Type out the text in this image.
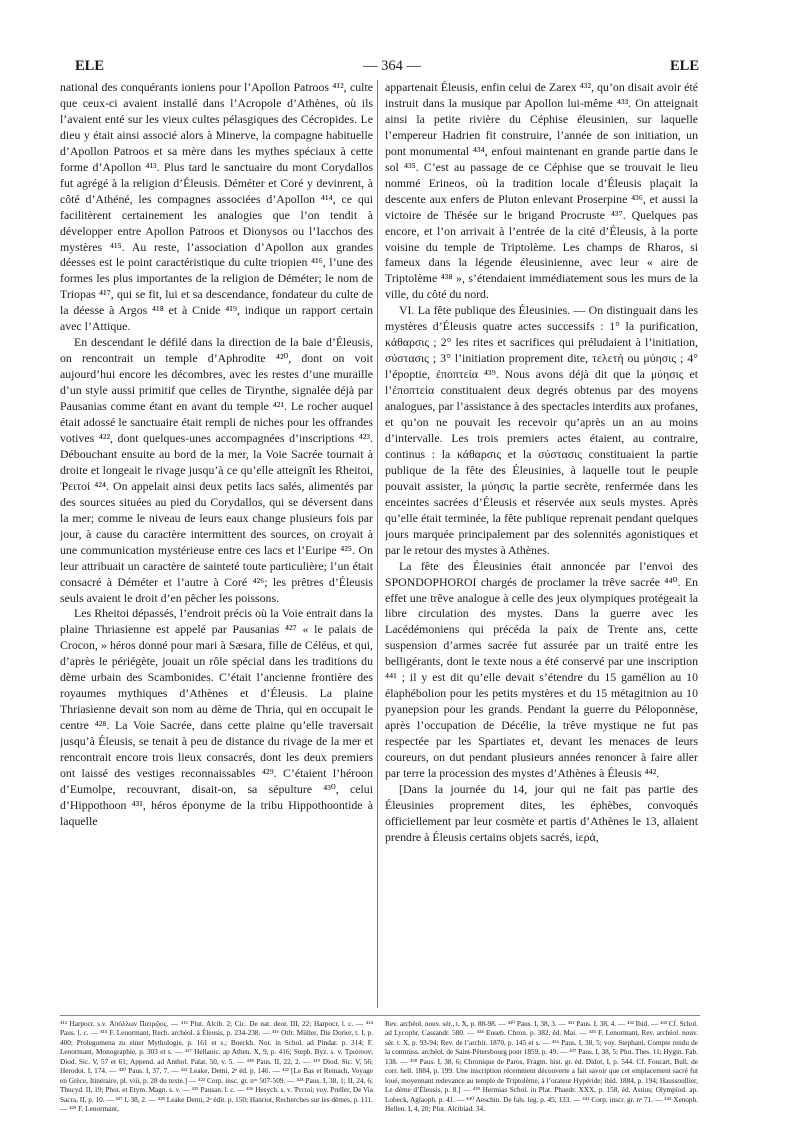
— 364 —
ELE	ELE

national des conquérants ioniens pour l’Apollon Patroos ⁴¹², culte que ceux-ci avaient installé dans l’Acropole d’Athènes, où ils l’avaient enté sur les vieux cultes pélasgiques des Cécropides. Le dieu y était ainsi associé alors à Minerve, la compagne habituelle d’Apollon Patroos et sa mère dans les mythes spéciaux à cette forme d’Apollon ⁴¹³. Plus tard le sanctuaire du mont Corydallos fut agrégé à la religion d’Éleusis. Déméter et Coré y devinrent, à côté d’Athéné, les compagnes associées d’Apollon ⁴¹⁴, ce qui facilitèrent certainement les analogies que l’on tendit à développer entre Apollon Patroos et Dionysos ou l’Iacchos des mystères ⁴¹⁵. Au reste, l’association d’Apollon aux grandes déesses est le point caractéristique du culte triopien ⁴¹⁶, l’une des formes les plus importantes de la religion de Déméter; le nom de Triopas ⁴¹⁷, qui se fit, lui et sa descendance, fondateur du culte de la déesse à Argos ⁴¹⁸ et à Cnide ⁴¹⁹, indique un rapport certain avec l’Attique.

En descendant le défilé dans la direction de la baie d’Éleusis, on rencontrait un temple d’Aphrodite ⁴²⁰, dont on voit aujourd’hui encore les décombres, avec les restes d’une muraille d’un style aussi primitif que celles de Tirynthe, signalée déjà par Pausanias comme étant en avant du temple ⁴²¹. Le rocher auquel était adossé le sanctuaire était rempli de niches pour les offrandes votives ⁴²², dont quelques-unes accompagnées d’inscriptions ⁴²³. Débouchant ensuite au bord de la mer, la Voie Sacrée tournait à droite et longeait le rivage jusqu’à ce qu’elle atteignît les Rheitoi, Ῥειτοί ⁴²⁴. On appelait ainsi deux petits lacs salés, alimentés par des sources situées au pied du Corydallos, qui se déversent dans la mer; comme le niveau de leurs eaux change plusieurs fois par jour, à cause du caractère intermittent des sources, on croyait à une communication mystérieuse entre ces lacs et l’Euripe ⁴²⁵. On leur attribuait un caractère de sainteté toute particulière; l’un était consacré à Déméter et l’autre à Coré ⁴²⁶; les prêtres d’Éleusis seuls avaient le droit d’en pêcher les poissons.

Les Rheitoi dépassés, l’endroit précis où la Voie entrait dans la plaine Thriasienne est appelé par Pausanias ⁴²⁷ « le palais de Crocon, » héros donné pour mari à Sæsara, fille de Céléus, et qui, d’après le périégète, jouait un rôle spécial dans les traditions du dème urbain des Scambonides. C’était l’ancienne frontière des royaumes mythiques d’Athènes et d’Éleusis. La plaine Thriasienne devait son nom au dème de Thria, qui en occupait le centre ⁴²⁸. La Voie Sacrée, dans cette plaine qu’elle traversait jusqu’à Éleusis, se tenait à peu de distance du rivage de la mer et rencontrait encore trois lieux consacrés, dont les deux premiers ont laissé des vestiges reconnaissables ⁴²⁹. C’étaient l’héroon d’Eumolpe, recouvrant, disait-on, sa sépulture ⁴³⁰, celui d’Hippothoon ⁴³¹, héros éponyme de la tribu Hippothoontide à laquelle

appartenait Éleusis, enfin celui de Zarex ⁴³², qu’on disait avoir été instruit dans la musique par Apollon lui-même ⁴³³. On atteignait ainsi la petite rivière du Céphise éleusinien, sur laquelle l’empereur Hadrien fit construire, l’année de son initiation, un pont monumental ⁴³⁴, enfoui maintenant en grande partie dans le sol ⁴³⁵. C’est au passage de ce Céphise que se trouvait le lieu nommé Erineos, où la tradition locale d’Éleusis plaçait la descente aux enfers de Pluton enlevant Proserpine ⁴³⁶, et aussi la victoire de Thésée sur le brigand Procruste ⁴³⁷. Quelques pas encore, et l’on arrivait à l’entrée de la cité d’Éleusis, à la porte voisine du temple de Triptolème. Les champs de Rharos, si fameux dans la légende éleusinienne, avec leur « aire de Triptolème ⁴³⁸ », s’étendaient immédiatement sous les murs de la ville, du côté du nord.

VI. La fête publique des Éleusinies. — On distinguait dans les mystères d’Éleusis quatre actes successifs : 1° la purification, κάθαρσις ; 2° les rites et sacrifices qui préludaient à l’initiation, σύστασις ; 3° l’initiation proprement dite, τελετή ou μύησις ; 4° l’époptie, ἐποπτεία ⁴³⁹. Nous avons déjà dit que la μύησις et l’ἐποπτεία constituaient deux degrés obtenus par des moyens analogues, par l’assistance à des spectacles interdits aux profanes, et qu’on ne pouvait les recevoir qu’après un an au moins d’intervalle. Les trois premiers actes étaient, au contraire, continus : la κάθαρσις et la σύστασις constituaient la partie publique de la fête des Éleusinies, à laquelle tout le peuple pouvait assister, la μύησις la partie secrète, renfermée dans les enceintes sacrées d’Éleusis et réservée aux seuls mystes. Après qu’elle était terminée, la fête publique reprenait pendant quelques jours marquée principalement par des solennités agonistiques et par le retour des mystes à Athènes.

La fête des Éleusinies était annoncée par l’envoi des SPONDOPHOROI chargés de proclamer la trêve sacrée ⁴⁴⁰. En effet une trêve analogue à celle des jeux olympiques protégeait la libre circulation des mystes. Dans la guerre avec les Lacédémoniens qui précéda la paix de Trente ans, cette suspension d’armes sacrée fut assurée par un traité entre les belligérants, dont le texte nous a été conservé par une inscription ⁴⁴¹ ; il y est dit qu’elle devait s’étendre du 15 gamélion au 10 élaphébolion pour les petits mystères et du 15 métagitnion au 10 pyanepsion pour les grands. Pendant la guerre du Péloponnèse, après l’occupation de Décélie, la trêve mystique ne fut pas respectée par les Spartiates et, devant les menaces de leurs coureurs, on dut pendant plusieurs années renoncer à faire aller par terre la procession des mystes d’Athènes à Éleusis ⁴⁴².

[Dans la journée du 14, jour qui ne fait pas partie des Éleusinies proprement dites, les éphèbes, convoqués officiellement par leur cosmète et partis d’Athènes le 13, allaient prendre à Éleusis certains objets sacrés, ἱερά,

⁴¹² Harpocr. s.v. Ἀπόλλων Πατρῷος. — ⁴¹³ Plut. Alcib. 2; Cic. De nat. deor. III, 22; Harpocr. l. c. — ⁴¹⁴ Paus. l. c. — ⁴¹⁵ F. Lenormant, Rech. archéol. à Éleusis, p. 234-238. — ⁴¹⁶ Otfr. Müller, Die Dorier, t. I, p. 400; Prolegomena zu einer Mythologie, p. 161 et s.; Boeckh. Not. in Schol. ad Pindar. p. 314; F. Lenormant, Monographie, p. 303 et s. — ⁴¹⁷ Hellanic. ap Athen. X, 9, p. 416; Steph. Byz. s. v. Τριόπιον; Diod. Sic. V, 57 et 61; Append. ad Anthol. Palat. 50, v. 5. — ⁴¹⁸ Paus. II, 22, 2. — ⁴¹⁹ Diod. Sic. V, 56; Herodot. I, 174. — ⁴²⁰ Paus. I, 37, 7. — ⁴²¹ Leake, Demi, 2ᵉ éd. p. 146. — ⁴²² [Le Bas et Reinach, Voyage en Grèce, Itinéraire, pl. viii, p. 28 du texte.] — ⁴²³ Corp. insc. gr. nᵒˢ 507-509. — ⁴²⁴ Paus. I, 38, 1; II, 24, 6; Thucyd. II, 19; Phot. et Etym. Magn. s. v. — ⁴²⁵ Pausan. l. c. — ⁴²⁶ Hesych. s. v. Ῥειτοί; voy. Preller, De Via Sacra, II, p. 10. — ⁴²⁷ I, 38, 2. — ⁴²⁸ Leake Demi, 2ᵉ édit. p. 150; Hanriot, Recherches sur les dèmes, p. 111. — ⁴²⁹ F. Lenormant,
Rev. archéol. nouv. sér., t. X, p. 88-98. — ⁴³⁰ Paus. I, 38, 3. — ⁴³¹ Paus. I, 38, 4. — ⁴³² Ibid. — ⁴³³ Cf. Schol. ad Lycophr. Cassandr. 580. — ⁴³⁴ Euseb. Chron. p. 382, éd. Mai. — ⁴³⁵ F. Lenormant, Rev. archéol. nouv. sér. t. X, p. 93-94; Rev. de l’archit. 1870, p. 145 et s. — ⁴³⁶ Paus. I, 38, 5; voy. Stephani, Compte rendu de la commiss. archéol. de Saint-Pétersbourg pour 1859, p. 49. — ⁴³⁷ Paus. I, 38, 5; Plut. Thes. 11; Hygin. Fab. 138. — ⁴³⁸ Paus. I, 38, 6; Chronique de Paros, Fragm. hist. gr. éd. Didot, I, p. 544. Cf. Foucart, Bull. de corr. hell. 1884, p. 199. Une inscription récemment découverte a fait savoir que cet emplacement sacré fut loué, moyennant redevance au temple de Triptolème, à l’orateur Hypéride; ibid. 1884, p. 194; Haussoullier, Le dème d’Éleusis, p. 8.] — ⁴³⁹ Hermias Schol. in Plat. Phaedr. XXX, p. 158, éd. Astius; Olympiod. ap. Lobeck, Aglaoph. p. 41. — ⁴⁴⁰ Aeschin. De fals. leg. p. 45, 133. — ⁴⁴¹ Corp. inscr. gr. nᵒ 71. — ⁴⁴² Xenoph. Hellen. I, 4, 20; Plut. Alcibiad. 34.
